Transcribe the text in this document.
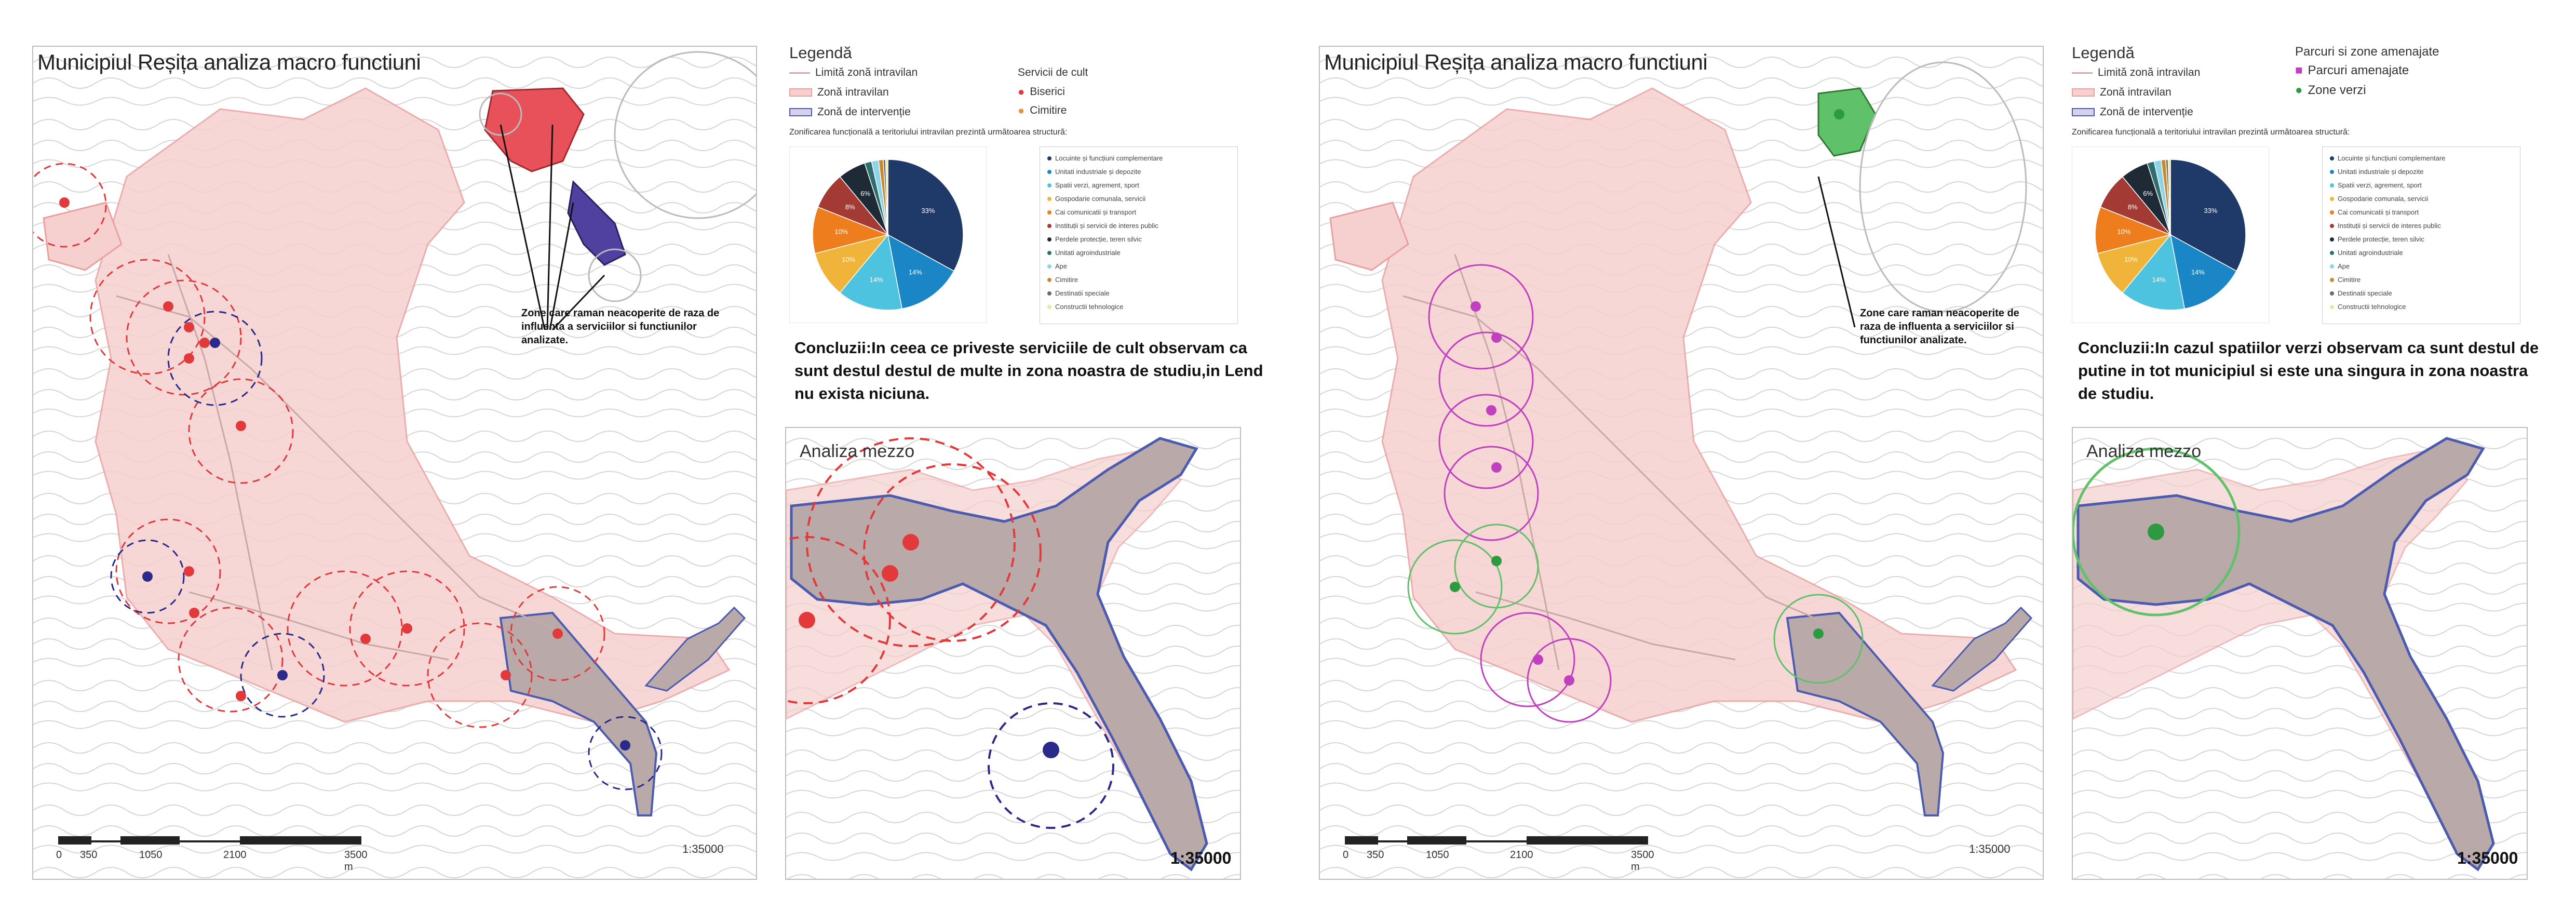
Municipiul Reșița analiza macro functiuni
Zone care raman neacoperite de raza de influenta a serviciilor si functiunilor analizate.
0 350	1050	2100	3500 m
1:35000
Legendă
Limită zonă intravilan
Zonă intravilan
Zonă de intervenție
Servicii de cult
● Biserici
● Cimitire
Zonificarea funcțională a teritoriului intravilan prezintă următoarea structură:
33%
14%
14%
10%
10%
8%
6%
Locuinte și funcțiuni complementare
Unitati industriale și depozite
Spatii verzi, agrement, sport
Gospodarie comunala, servicii
Cai comunicatii și transport
Instituții și servicii de interes public
Perdele protecție, teren silvic
Unitati agroindustriale
Ape
Cimitire
Destinatii speciale
Constructii tehnologice
Concluzii:In ceea ce priveste serviciile de cult observam ca sunt destul destul de multe in zona noastra de studiu,in Lend nu exista niciuna.
Analiza mezzo
1:35000
Municipiul Reșița analiza macro functiuni
Zone care raman neacoperite de raza de influenta a serviciilor si functiunilor analizate.
0 350	1050	2100	3500 m
1:35000
Legendă
Limită zonă intravilan
Zonă intravilan
Zonă de intervenție
Parcuri si zone amenajate
■ Parcuri amenajate
● Zone verzi
Zonificarea funcțională a teritoriului intravilan prezintă următoarea structură:
33%
14%
14%
10%
10%
8%
6%
Locuinte și funcțiuni complementare
Unitati industriale și depozite
Spatii verzi, agrement, sport
Gospodarie comunala, servicii
Cai comunicatii și transport
Instituții și servicii de interes public
Perdele protecție, teren silvic
Unitati agroindustriale
Ape
Cimitire
Destinatii speciale
Constructii tehnologice
Concluzii:In cazul spatiilor verzi observam ca sunt destul de putine in tot municipiul si este una singura in zona noastra de studiu.
Analiza mezzo
1:35000
